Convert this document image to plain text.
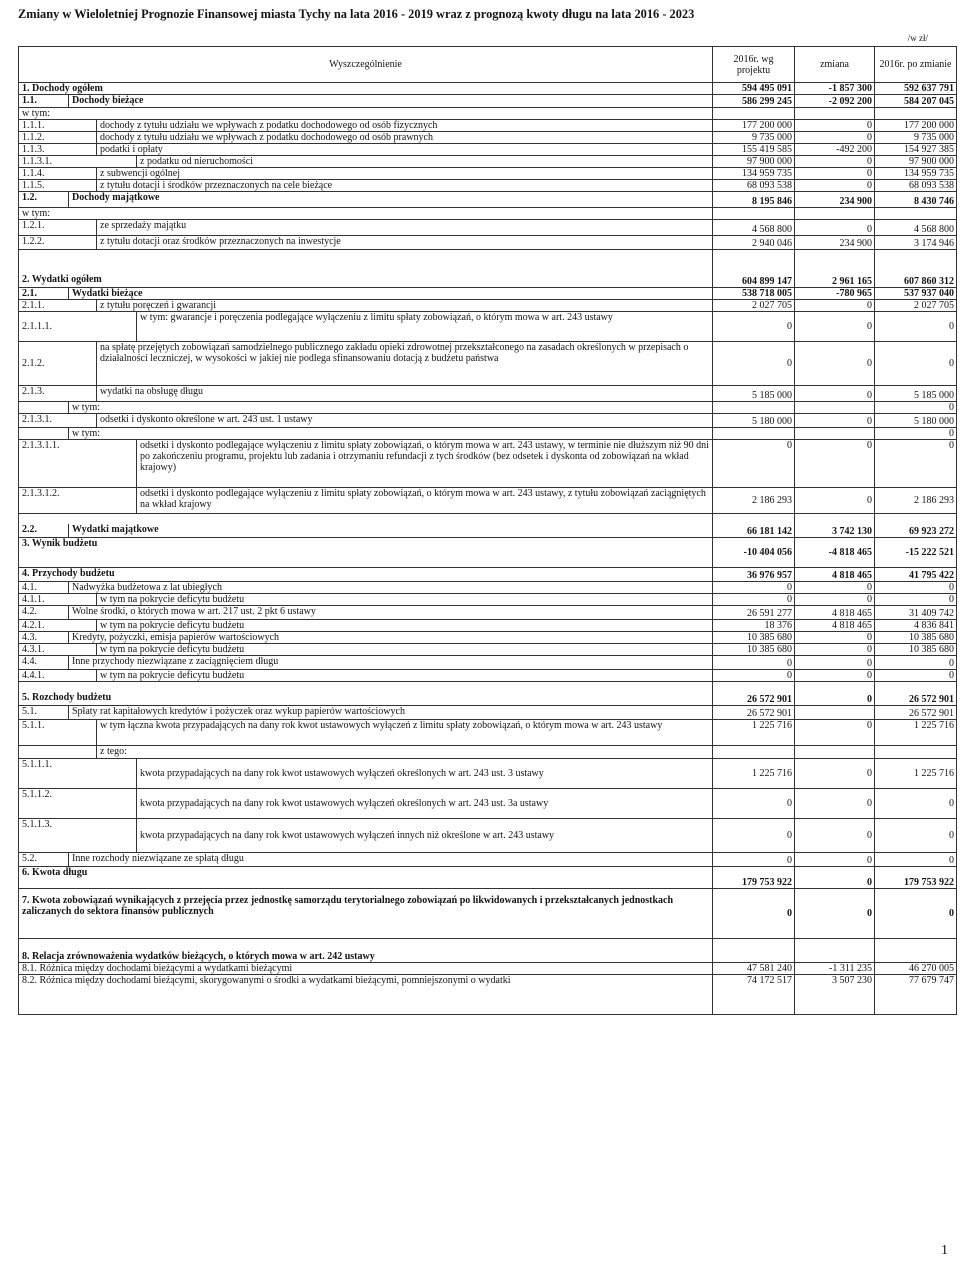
Zmiany w Wieloletniej Prognozie Finansowej miasta Tychy na lata 2016 - 2019 wraz z prognozą kwoty długu na lata 2016 - 2023
/w zł/
Wyszczególnienie				2016r. wg projektu	zmiana	2016r. po zmianie
1. Dochody ogółem				594 495 091	-1 857 300	592 637 791
1.1.	Dochody bieżące			586 299 245	-2 092 200	584 207 045
w tym:						
1.1.1.		dochody z tytułu udziału we wpływach z podatku dochodowego od osób fizycznych		177 200 000	0	177 200 000
1.1.2.		dochody z tytułu udziału we wpływach z podatku dochodowego od osób prawnych		9 735 000	0	9 735 000
1.1.3.		podatki i opłaty		155 419 585	-492 200	154 927 385
1.1.3.1.			z podatku od nieruchomości	97 900 000	0	97 900 000
1.1.4.		z subwencji ogólnej		134 959 735	0	134 959 735
1.1.5.		z tytułu dotacji i środków przeznaczonych na cele bieżące		68 093 538	0	68 093 538
1.2.	Dochody majątkowe			8 195 846	234 900	8 430 746
w tym:						
1.2.1.		ze sprzedaży majątku		4 568 800	0	4 568 800
1.2.2.		z tytułu dotacji oraz środków przeznaczonych na inwestycje		2 940 046	234 900	3 174 946

2. Wydatki ogółem				604 899 147	2 961 165	607 860 312
2.1.	Wydatki bieżące			538 718 005	-780 965	537 937 040
2.1.1.		z tytułu poręczeń i gwarancji		2 027 705	0	2 027 705
2.1.1.1.			w tym: gwarancje i poręczenia podlegające wyłączeniu z limitu spłaty zobowiązań, o którym mowa w art. 243 ustawy	0	0	0
2.1.2.		na spłatę przejętych zobowiązań samodzielnego publicznego zakładu opieki zdrowotnej przekształconego na zasadach określonych w przepisach o działalności leczniczej, w wysokości w jakiej nie podlega sfinansowaniu dotacją z budżetu państwa		0	0	0
2.1.3.		wydatki na obsługę długu		5 185 000	0	5 185 000
	w tym:					0
2.1.3.1.		odsetki i dyskonto określone w art. 243 ust. 1 ustawy		5 180 000	0	5 180 000
	w tym:					0
2.1.3.1.1.			odsetki i dyskonto podlegające wyłączeniu z limitu spłaty zobowiązań, o którym mowa w art. 243 ustawy, w terminie nie dłuższym niż 90 dni po zakończeniu programu, projektu lub zadania i otrzymaniu refundacji z tych środków (bez odsetek i dyskonta od zobowiązań na wkład krajowy)	0	0	0
2.1.3.1.2.			odsetki i dyskonto podlegające wyłączeniu z limitu spłaty zobowiązań, o którym mowa w art. 243 ustawy, z tytułu zobowiązań zaciągniętych na wkład krajowy	2 186 293	0	2 186 293

2.2.	Wydatki majątkowe			66 181 142	3 742 130	69 923 272
3. Wynik budżetu				-10 404 056	-4 818 465	-15 222 521
4. Przychody budżetu				36 976 957	4 818 465	41 795 422
4.1.	Nadwyżka budżetowa z lat ubiegłych			0	0	0
4.1.1.		w tym na pokrycie deficytu budżetu		0	0	0
4.2.	Wolne środki, o których mowa w art. 217 ust. 2 pkt 6 ustawy			26 591 277	4 818 465	31 409 742
4.2.1.		w tym na pokrycie deficytu budżetu		18 376	4 818 465	4 836 841
4.3.	Kredyty, pożyczki, emisja papierów wartościowych			10 385 680	0	10 385 680
4.3.1.		w tym na pokrycie deficytu budżetu		10 385 680	0	10 385 680
4.4.	Inne przychody niezwiązane z zaciągnięciem długu			0	0	0
4.4.1.		w tym na pokrycie deficytu budżetu		0	0	0

5. Rozchody budżetu				26 572 901	0	26 572 901
5.1.	Spłaty rat kapitałowych kredytów i pożyczek oraz wykup papierów wartościowych			26 572 901		26 572 901
5.1.1.		w tym łączna kwota przypadających na dany rok kwot ustawowych wyłączeń z limitu spłaty zobowiązań, o którym mowa w art. 243 ustawy		1 225 716	0	1 225 716
		z tego:				
5.1.1.1.			kwota przypadających na dany rok kwot ustawowych wyłączeń określonych w art. 243 ust. 3 ustawy	1 225 716	0	1 225 716
5.1.1.2.			kwota przypadających na dany rok kwot ustawowych wyłączeń określonych w art. 243 ust. 3a ustawy	0	0	0
5.1.1.3.			kwota przypadających na dany rok kwot ustawowych wyłączeń innych niż określone w art. 243 ustawy	0	0	0
5.2.	Inne rozchody niezwiązane ze spłatą długu			0	0	0
6. Kwota długu				179 753 922	0	179 753 922
7. Kwota zobowiązań wynikających z przejęcia przez jednostkę samorządu terytorialnego zobowiązań po likwidowanych i przekształcanych jednostkach zaliczanych do sektora finansów publicznych				0	0	0
8. Relacja zrównoważenia wydatków bieżących, o których mowa w art. 242 ustawy						
8.1. Różnica między dochodami bieżącymi a wydatkami bieżącymi				47 581 240	-1 311 235	46 270 005
8.2. Różnica między dochodami bieżącymi, skorygowanymi o środki a wydatkami bieżącymi, pomniejszonymi o wydatki				74 172 517	3 507 230	77 679 747
1
